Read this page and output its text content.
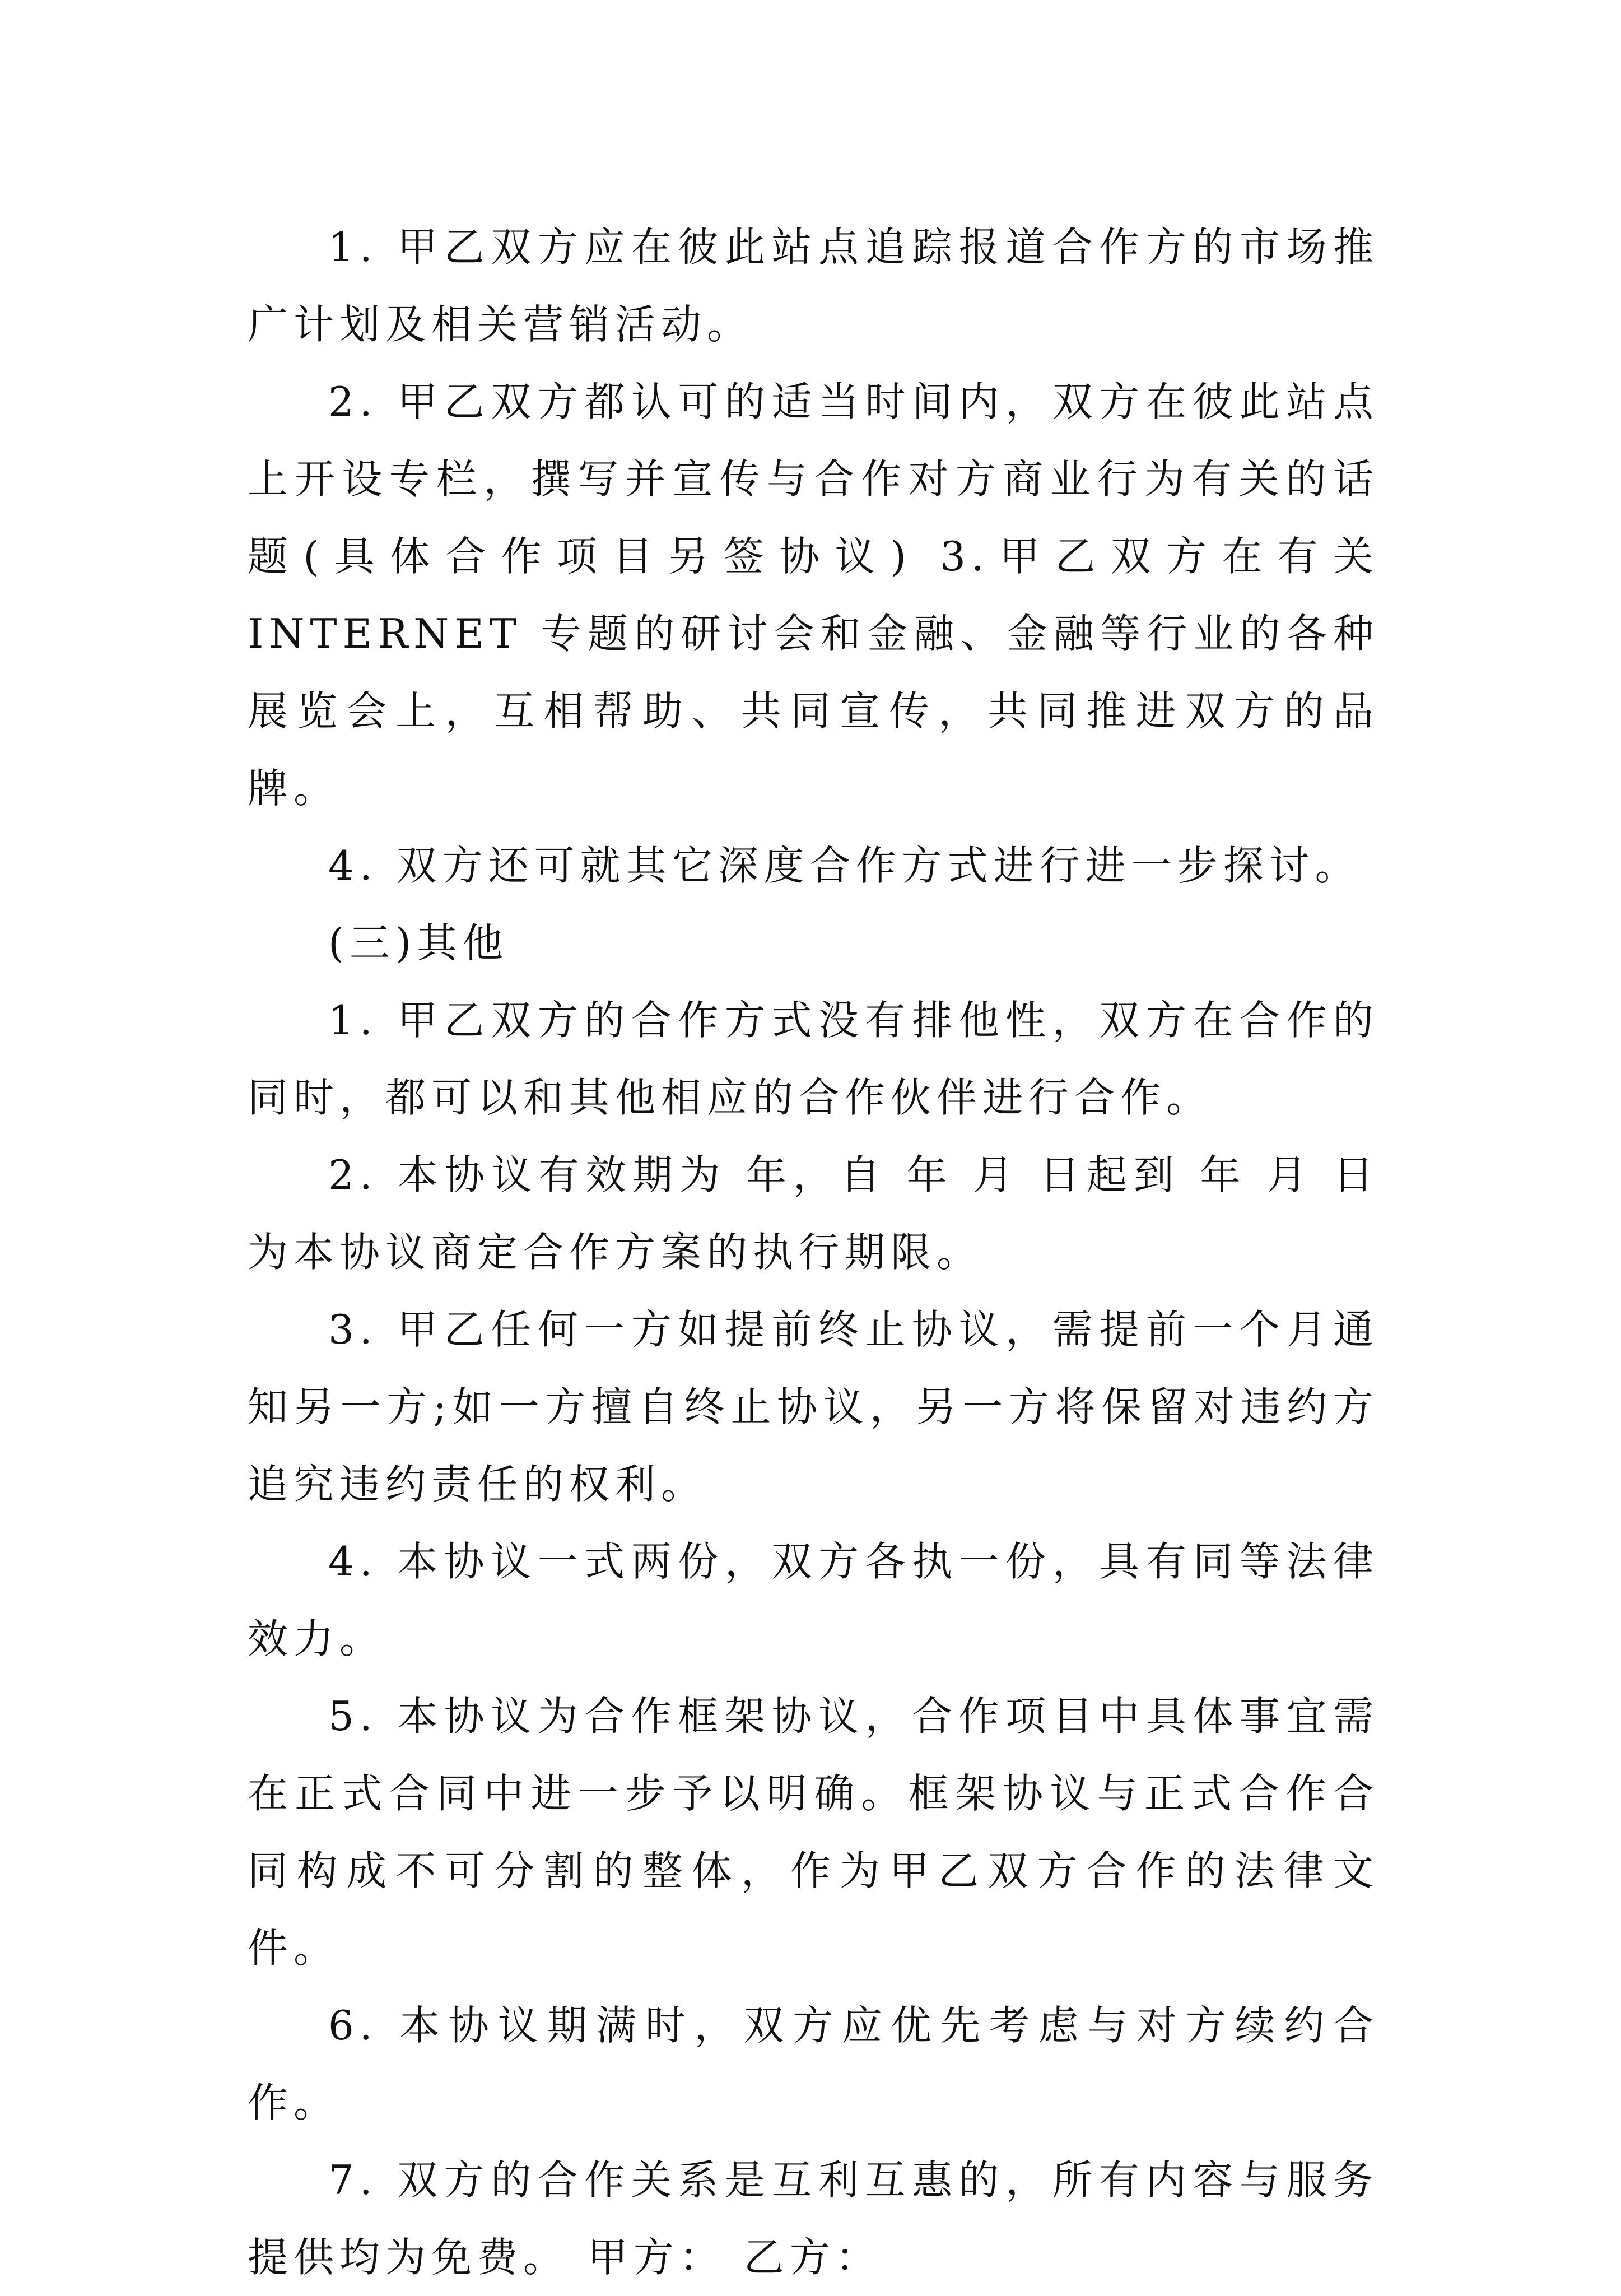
1. 甲乙双方应在彼此站点追踪报道合作方的市场推广计划及相关营销活动。

2. 甲乙双方都认可的适当时间内，双方在彼此站点上开设专栏，撰写并宣传与合作对方商业行为有关的话题(具体合作项目另签协议) 3.甲乙双方在有关 INTERNET 专题的研讨会和金融、金融等行业的各种展览会上，互相帮助、共同宣传，共同推进双方的品牌。

4. 双方还可就其它深度合作方式进行进一步探讨。

(三)其他

1. 甲乙双方的合作方式没有排他性，双方在合作的同时，都可以和其他相应的合作伙伴进行合作。

2. 本协议有效期为 年，自 年 月 日起到 年 月 日为本协议商定合作方案的执行期限。

3. 甲乙任何一方如提前终止协议，需提前一个月通知另一方;如一方擅自终止协议，另一方将保留对违约方追究违约责任的权利。

4. 本协议一式两份，双方各执一份，具有同等法律效力。

5. 本协议为合作框架协议，合作项目中具体事宜需在正式合同中进一步予以明确。框架协议与正式合作合同构成不可分割的整体，作为甲乙双方合作的法律文件。

6. 本协议期满时，双方应优先考虑与对方续约合作。

7. 双方的合作关系是互利互惠的，所有内容与服务提供均为免费。 甲方： 乙方：
